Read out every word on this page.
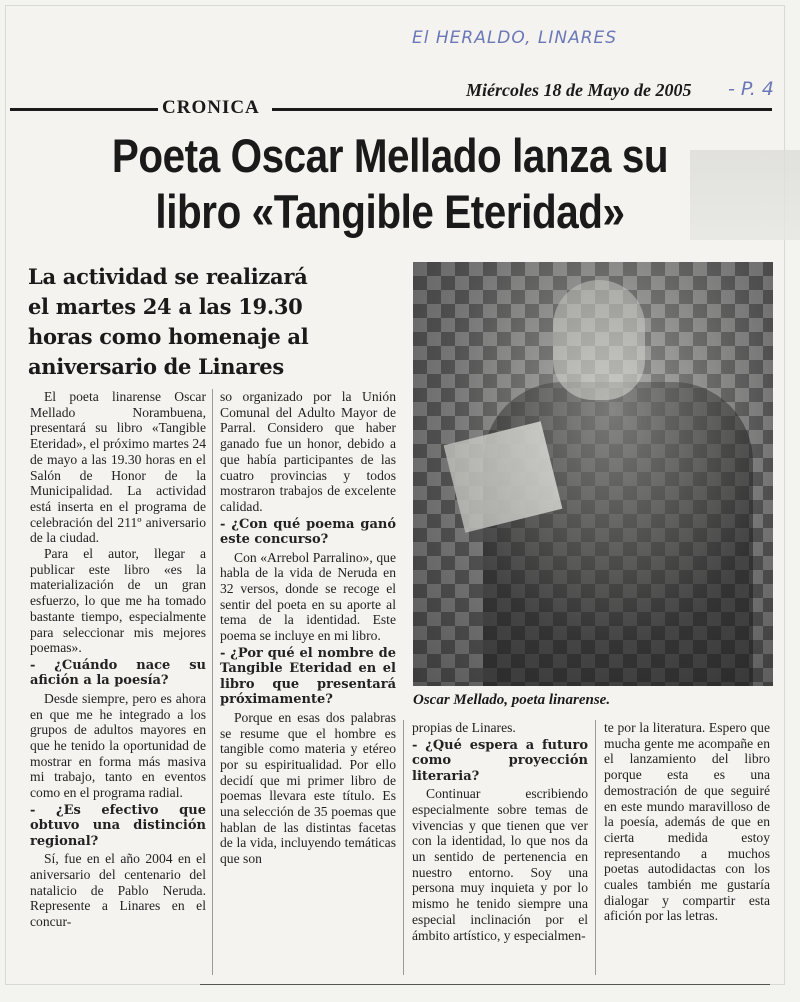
El HERALDO, LINARES
Miércoles 18 de Mayo de 2005 - P. 4
CRONICA
Poeta Oscar Mellado lanza su
libro «Tangible Eteridad»
La actividad se realizará
el martes 24 a las 19.30
horas como homenaje al
aniversario de Linares
Oscar Mellado, poeta linarense.

El poeta linarense Oscar Mellado Norambuena, presentará su libro «Tangible Eteridad», el próximo martes 24 de mayo a las 19.30 horas en el Salón de Honor de la Municipalidad. La actividad está inserta en el programa de celebración del 211º aniversario de la ciudad.

Para el autor, llegar a publicar este libro «es la materialización de un gran esfuerzo, lo que me ha tomado bastante tiempo, especialmente para seleccionar mis mejores poemas».

- ¿Cuándo nace su afición a la poesía?

Desde siempre, pero es ahora en que me he integrado a los grupos de adultos mayores en que he tenido la oportunidad de mostrar en forma más masiva mi trabajo, tanto en eventos como en el programa radial.

- ¿Es efectivo que obtuvo una distinción regional?

Sí, fue en el año 2004 en el aniversario del centenario del natalicio de Pablo Neruda. Represente a Linares en el concur-

so organizado por la Unión Comunal del Adulto Mayor de Parral. Considero que haber ganado fue un honor, debido a que había participantes de las cuatro provincias y todos mostraron trabajos de excelente calidad.

- ¿Con qué poema ganó este concurso?

Con «Arrebol Parralino», que habla de la vida de Neruda en 32 versos, donde se recoge el sentir del poeta en su aporte al tema de la identidad. Este poema se incluye en mi libro.

- ¿Por qué el nombre de Tangible Eteridad en el libro que presentará próximamente?

Porque en esas dos palabras se resume que el hombre es tangible como materia y etéreo por su espiritualidad. Por ello decidí que mi primer libro de poemas llevara este título. Es una selección de 35 poemas que hablan de las distintas facetas de la vida, incluyendo temáticas que son

propias de Linares.

- ¿Qué espera a futuro como proyección literaria?

Continuar escribiendo especialmente sobre temas de vivencias y que tienen que ver con la identidad, lo que nos da un sentido de pertenencia en nuestro entorno. Soy una persona muy inquieta y por lo mismo he tenido siempre una especial inclinación por el ámbito artístico, y especialmen-

te por la literatura. Espero que mucha gente me acompañe en el lanzamiento del libro porque esta es una demostración de que seguiré en este mundo maravilloso de la poesía, además de que en cierta medida estoy representando a muchos poetas autodidactas con los cuales también me gustaría dialogar y compartir esta afición por las letras.
